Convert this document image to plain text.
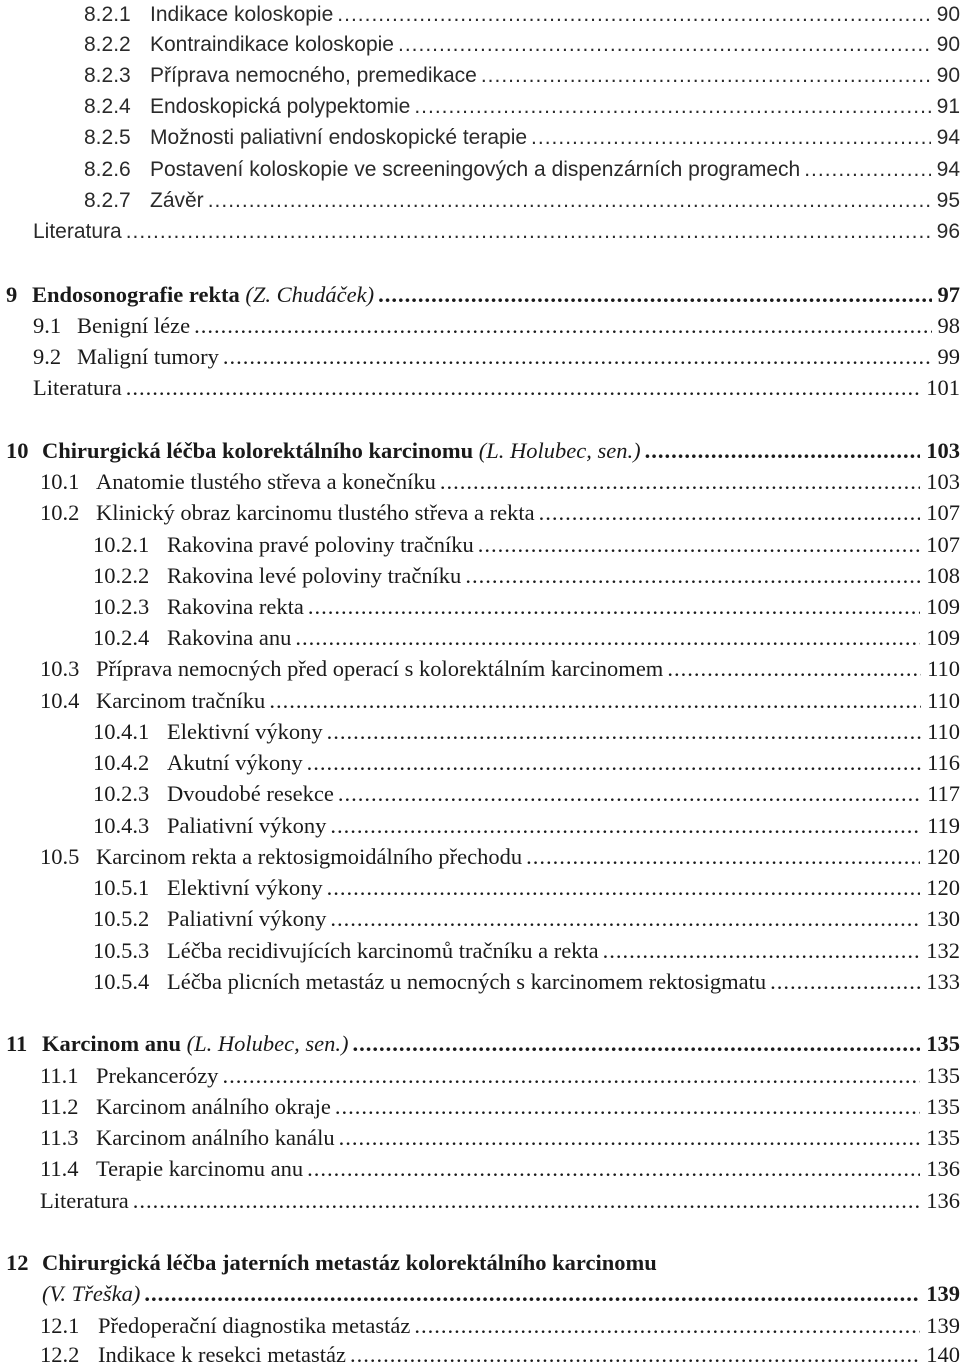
8.2.1 Indikace koloskopie .....	90
8.2.2 Kontraindikace koloskopie .....	90
8.2.3 Příprava nemocného, premedikace .....	90
8.2.4 Endoskopická polypektomie .....	91
8.2.5 Možnosti paliativní endoskopické terapie .....	94
8.2.6 Postavení koloskopie ve screeningových a dispenzárních programech .....	94
8.2.7 Závěr .....	95
Literatura .....	96
9 Endosonografie rekta (Z. Chudáček) .....	97
9.1 Benigní léze .....	98
9.2 Maligní tumory .....	99
Literatura .....	101
10 Chirurgická léčba kolorektálního karcinomu (L. Holubec, sen.) .....	103
10.1 Anatomie tlustého střeva a konečníku .....	103
10.2 Klinický obraz karcinomu tlustého střeva a rekta .....	107
10.2.1 Rakovina pravé poloviny tračníku .....	107
10.2.2 Rakovina levé poloviny tračníku .....	108
10.2.3 Rakovina rekta .....	109
10.2.4 Rakovina anu .....	109
10.3 Příprava nemocných před operací s kolorektálním karcinomem .....	110
10.4 Karcinom tračníku .....	110
10.4.1 Elektivní výkony .....	110
10.4.2 Akutní výkony .....	116
10.2.3 Dvoudobé resekce .....	117
10.4.3 Paliativní výkony .....	119
10.5 Karcinom rekta a rektosigmoidálního přechodu .....	120
10.5.1 Elektivní výkony .....	120
10.5.2 Paliativní výkony .....	130
10.5.3 Léčba recidivujících karcinomů tračníku a rekta .....	132
10.5.4 Léčba plicních metastáz u nemocných s karcinomem rektosigmatu .....	133
11 Karcinom anu (L. Holubec, sen.) .....	135
11.1 Prekancerózy .....	135
11.2 Karcinom análního okraje .....	135
11.3 Karcinom análního kanálu .....	135
11.4 Terapie karcinomu anu .....	136
Literatura .....	136
12 Chirurgická léčba jaterních metastáz kolorektálního karcinomu
(V. Třeška) .....	139
12.1 Předoperační diagnostika metastáz .....	139
12.2 Indikace k resekci metastáz .....	140
